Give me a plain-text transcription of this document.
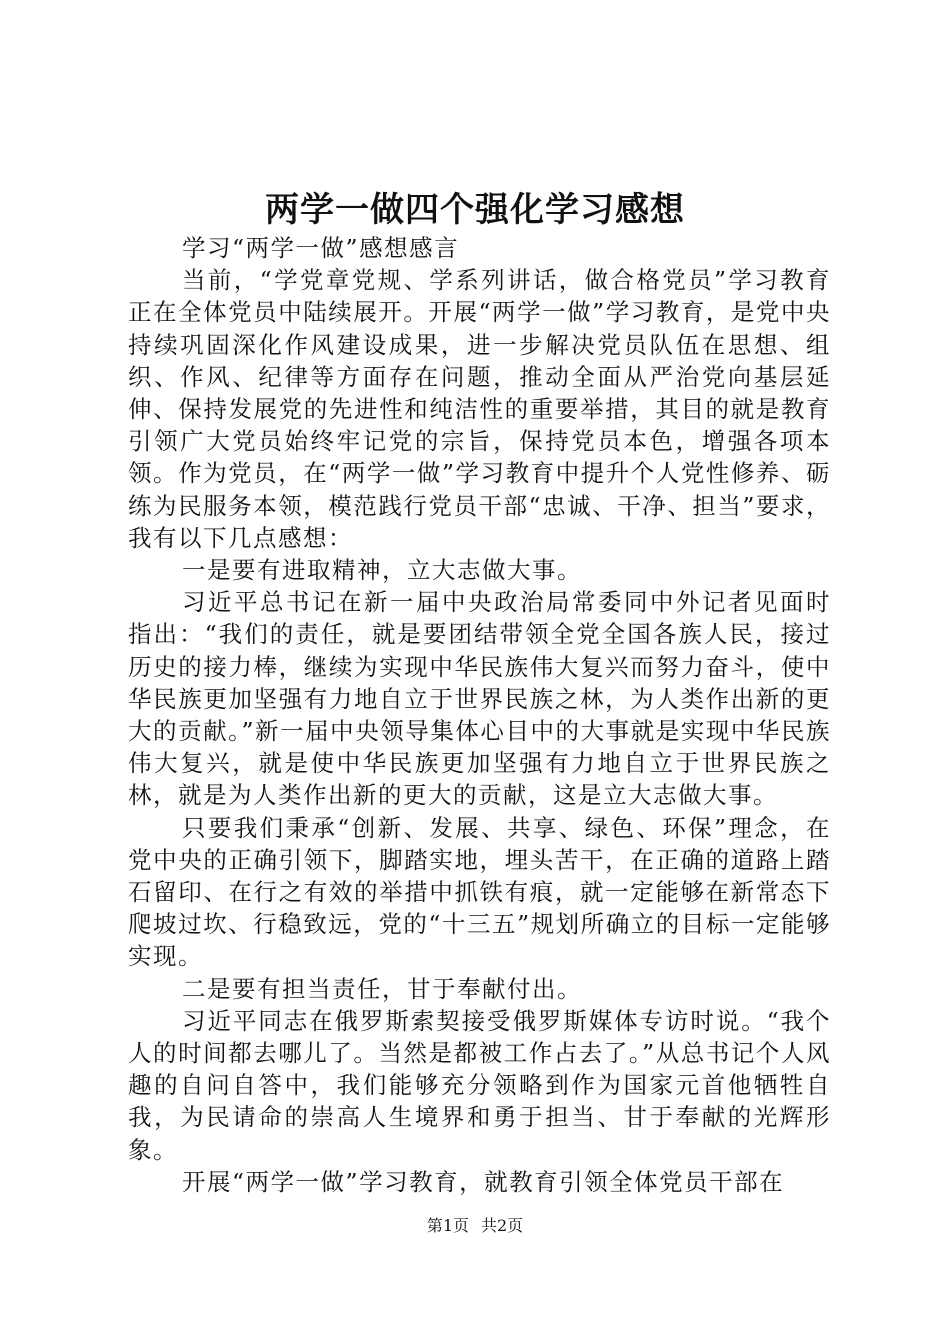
两学一做四个强化学习感想

学习“两学一做”感想感言

当前，“学党章党规、学系列讲话，做合格党员”学习教育正在全体党员中陆续展开。开展“两学一做”学习教育，是党中央持续巩固深化作风建设成果，进一步解决党员队伍在思想、组织、作风、纪律等方面存在问题，推动全面从严治党向基层延伸、保持发展党的先进性和纯洁性的重要举措，其目的就是教育引领广大党员始终牢记党的宗旨，保持党员本色，增强各项本领。作为党员，在“两学一做”学习教育中提升个人党性修养、砺练为民服务本领，模范践行党员干部“忠诚、干净、担当”要求，我有以下几点感想：

一是要有进取精神，立大志做大事。

习近平总书记在新一届中央政治局常委同中外记者见面时指出：“我们的责任，就是要团结带领全党全国各族人民，接过历史的接力棒，继续为实现中华民族伟大复兴而努力奋斗，使中华民族更加坚强有力地自立于世界民族之林，为人类作出新的更大的贡献。”新一届中央领导集体心目中的大事就是实现中华民族伟大复兴，就是使中华民族更加坚强有力地自立于世界民族之林，就是为人类作出新的更大的贡献，这是立大志做大事。

只要我们秉承“创新、发展、共享、绿色、环保”理念，在党中央的正确引领下，脚踏实地，埋头苦干，在正确的道路上踏石留印、在行之有效的举措中抓铁有痕，就一定能够在新常态下爬坡过坎、行稳致远，党的“十三五”规划所确立的目标一定能够实现。

二是要有担当责任，甘于奉献付出。

习近平同志在俄罗斯索契接受俄罗斯媒体专访时说。“我个人的时间都去哪儿了。当然是都被工作占去了。”从总书记个人风趣的自问自答中，我们能够充分领略到作为国家元首他牺牲自我，为民请命的崇高人生境界和勇于担当、甘于奉献的光辉形象。

开展“两学一做”学习教育，就教育引领全体党员干部在

第1页 共2页
